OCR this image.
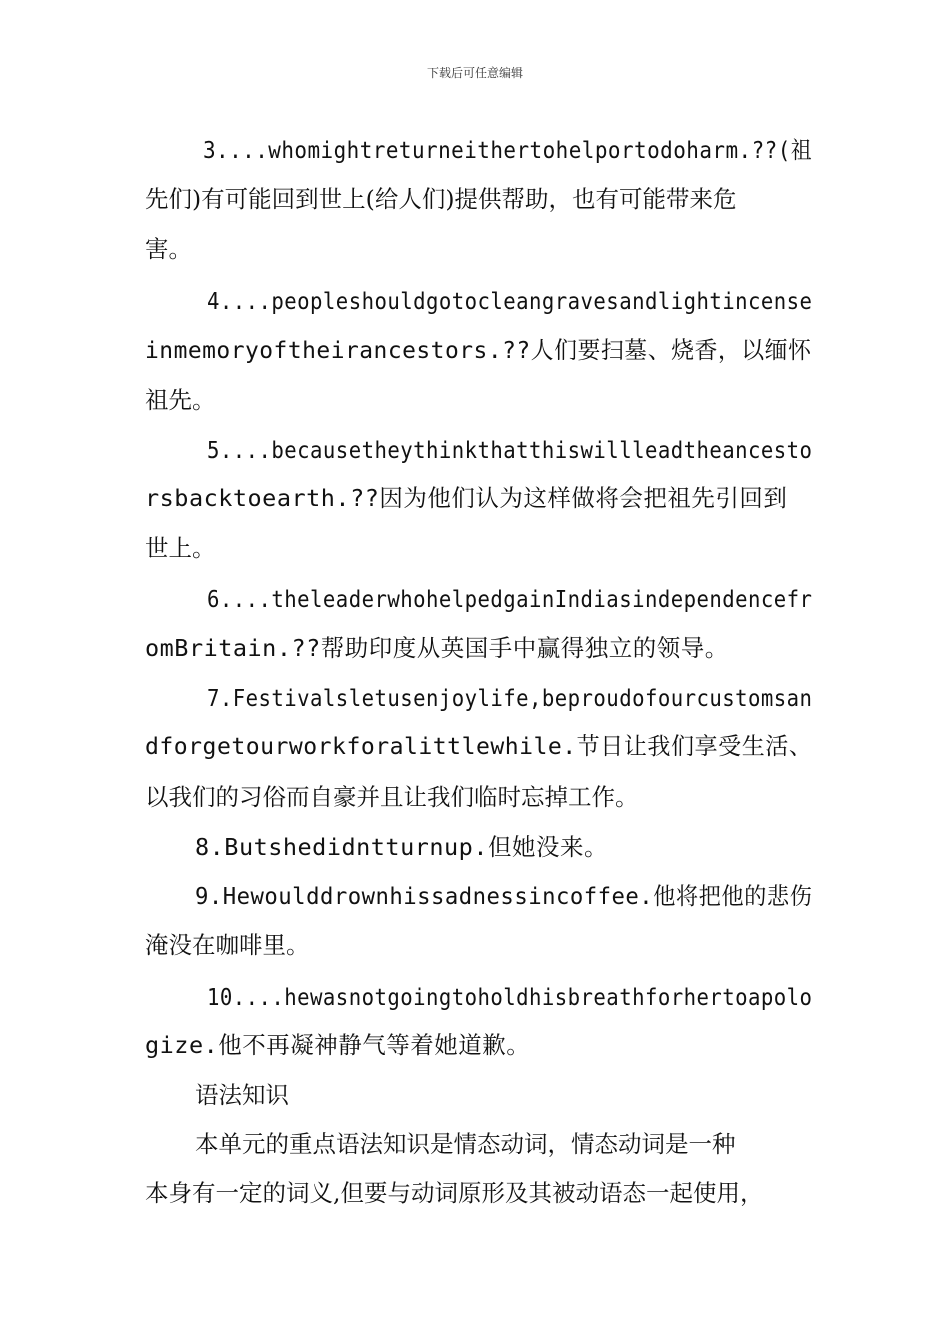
下载后可任意编辑
3....whomightreturneithertohelportodoharm.??(祖
先们)有可能回到世上(给人们)提供帮助，也有可能带来危
害。
4....peopleshouldgotocleangravesandlightincense
inmemoryoftheirancestors.??人们要扫墓、烧香，以缅怀
祖先。
5....becausetheythinkthatthiswillleadtheancesto
rsbacktoearth.??因为他们认为这样做将会把祖先引回到
世上。
6....theleaderwhohelpedgainIndiasindependencefr
omBritain.??帮助印度从英国手中赢得独立的领导。
7.Festivalsletusenjoylife,beproudofourcustomsan
dforgetourworkforalittlewhile.节日让我们享受生活、
以我们的习俗而自豪并且让我们临时忘掉工作。
8.Butshedidntturnup.但她没来。
9.Hewoulddrownhissadnessincoffee.他将把他的悲伤
淹没在咖啡里。
10....hewasnotgoingtoholdhisbreathforhertoapolo
gize.他不再凝神静气等着她道歉。
语法知识
本单元的重点语法知识是情态动词，情态动词是一种
本身有一定的词义,但要与动词原形及其被动语态一起使用，
